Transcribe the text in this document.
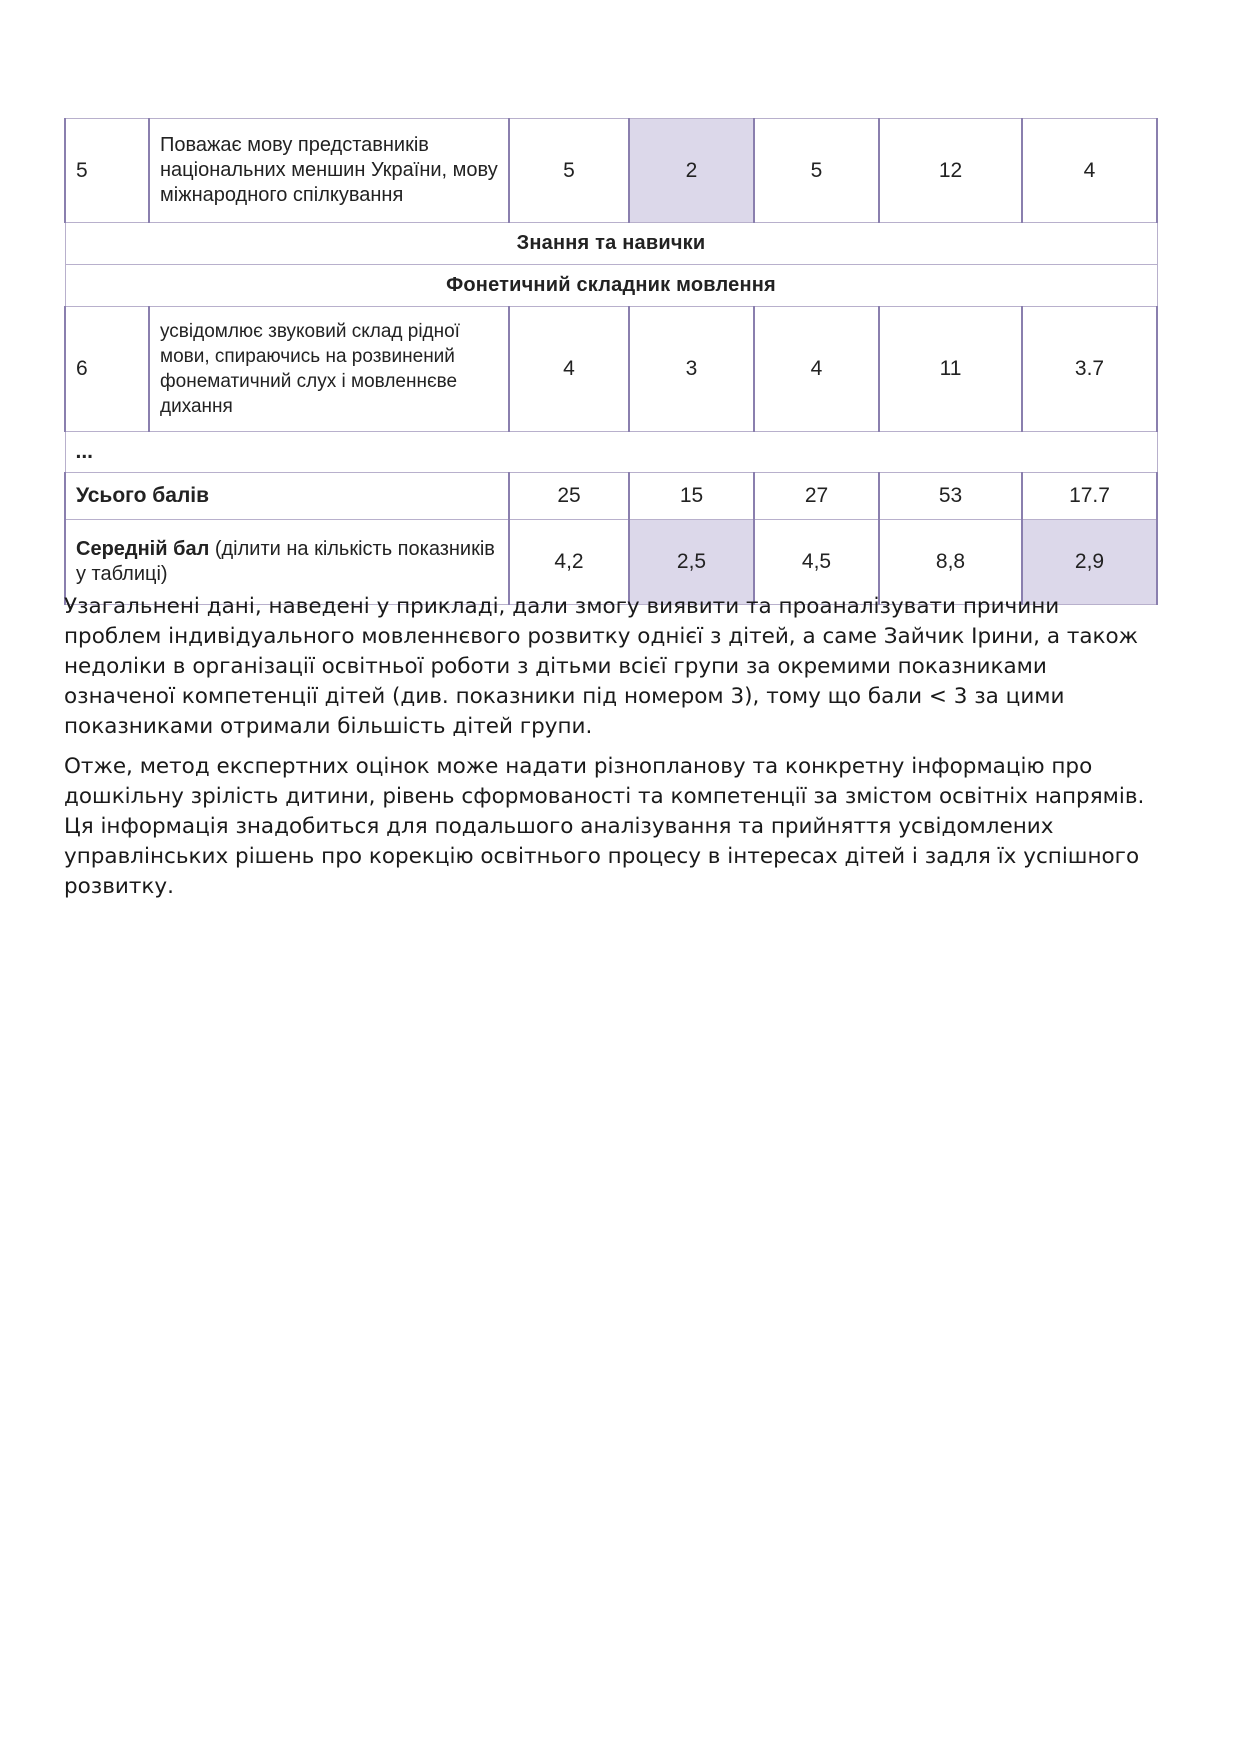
5	Поважає мову представників національних меншин України, мову міжнародного спілкування	5	2	5	12	4
Знання та навички						
Фонетичний складник мовлення						
6	усвідомлює звуковий склад рідної мови, спираючись на розвинений фонематичний слух і мовленнєве дихання	4	3	4	11	3.7
...						
Усього балів		25	15	27	53	17.7
Середній бал (ділити на кількість показників у таблиці)		4,2	2,5	4,5	8,8	2,9

Узагальнені дані, наведені у прикладі, дали змогу виявити та проаналізувати причини проблем індивідуального мовленнєвого розвитку однієї з дітей, а саме Зайчик Ірини, а також недоліки в організації освітньої роботи з дітьми всієї групи за окремими показниками означеної компетенції дітей (див. показники під номером 3), тому що бали < 3 за цими показниками отримали більшість дітей групи.

Отже, метод експертних оцінок може надати різнопланову та конкретну інформацію про дошкільну зрілість дитини, рівень сформованості та компетенції за змістом освітніх напрямів. Ця інформація знадобиться для подальшого аналізування та прийняття усвідомлених управлінських рішень про корекцію освітнього процесу в інтересах дітей і задля їх успішного розвитку.
